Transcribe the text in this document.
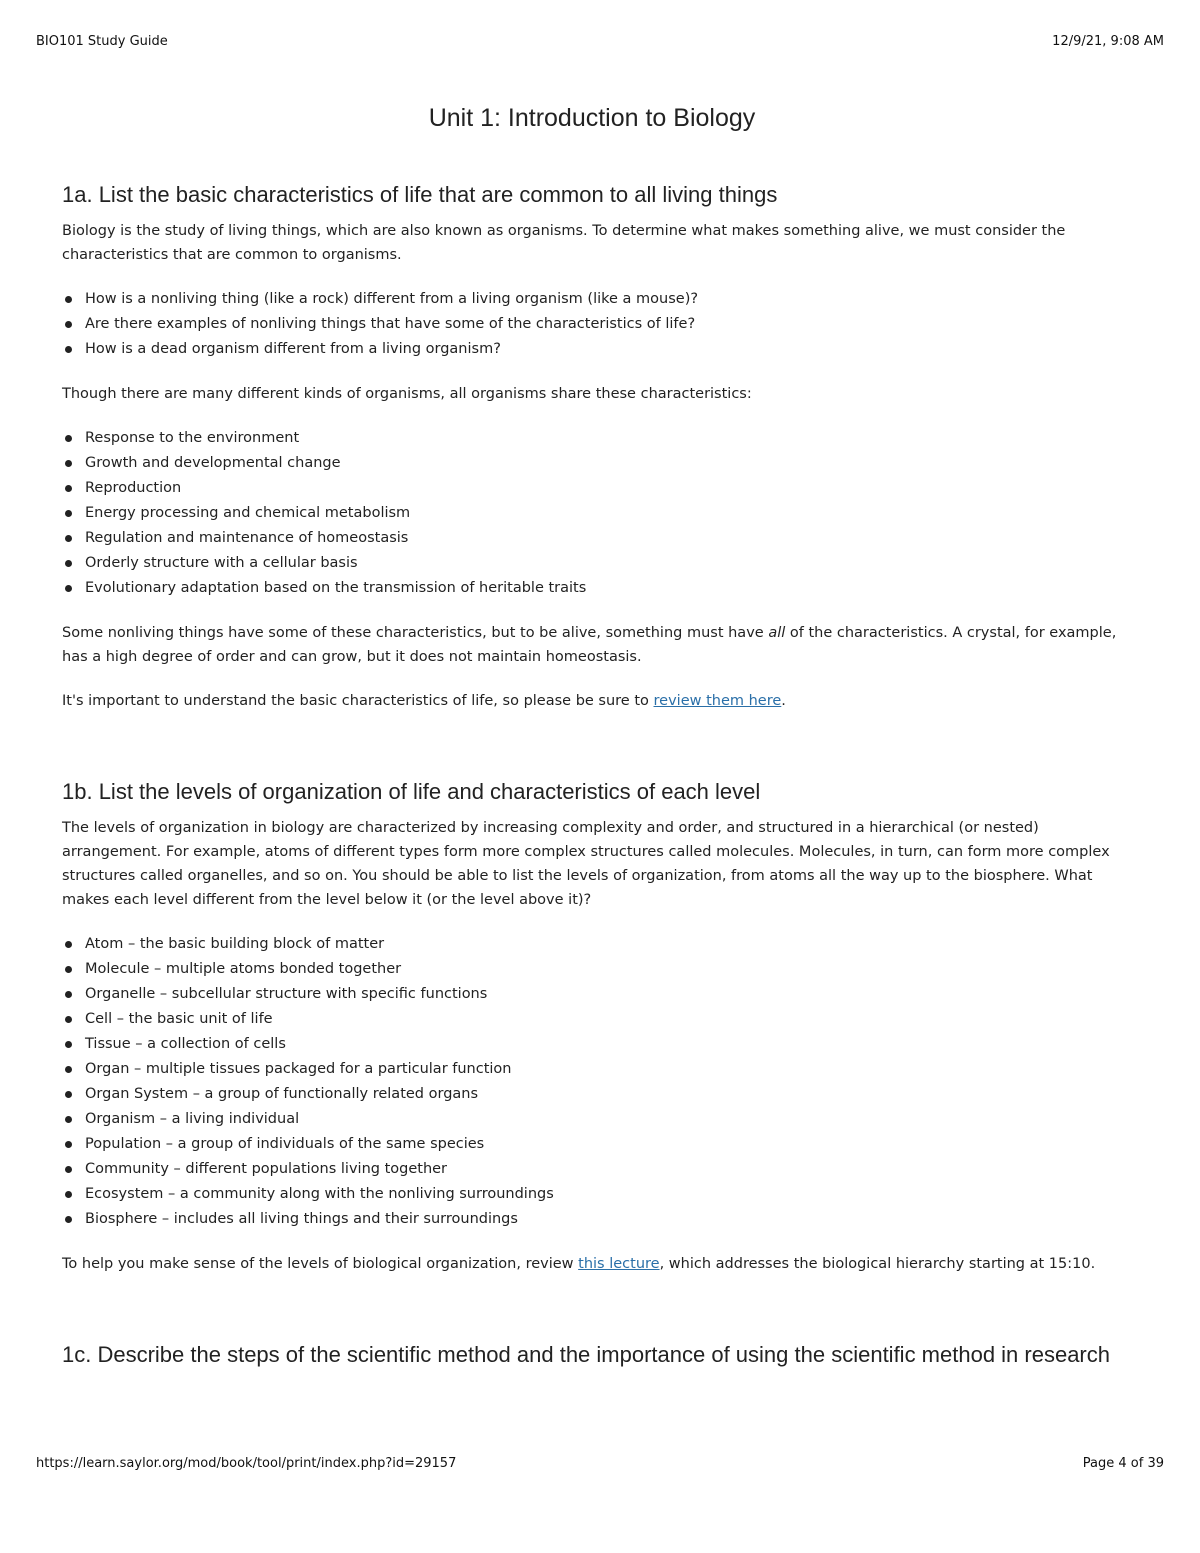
BIO101 Study Guide	12/9/21, 9:08 AM
Unit 1: Introduction to Biology
1a. List the basic characteristics of life that are common to all living things

Biology is the study of living things, which are also known as organisms. To determine what makes something alive, we must consider the characteristics that are common to organisms.

How is a nonliving thing (like a rock) different from a living organism (like a mouse)?
Are there examples of nonliving things that have some of the characteristics of life?
How is a dead organism different from a living organism?

Though there are many different kinds of organisms, all organisms share these characteristics:

Response to the environment
Growth and developmental change
Reproduction
Energy processing and chemical metabolism
Regulation and maintenance of homeostasis
Orderly structure with a cellular basis
Evolutionary adaptation based on the transmission of heritable traits

Some nonliving things have some of these characteristics, but to be alive, something must have all of the characteristics. A crystal, for example, has a high degree of order and can grow, but it does not maintain homeostasis.

It's important to understand the basic characteristics of life, so please be sure to review them here.

1b. List the levels of organization of life and characteristics of each level

The levels of organization in biology are characterized by increasing complexity and order, and structured in a hierarchical (or nested) arrangement. For example, atoms of different types form more complex structures called molecules. Molecules, in turn, can form more complex structures called organelles, and so on. You should be able to list the levels of organization, from atoms all the way up to the biosphere. What makes each level different from the level below it (or the level above it)?

Atom – the basic building block of matter
Molecule – multiple atoms bonded together
Organelle – subcellular structure with specific functions
Cell – the basic unit of life
Tissue – a collection of cells
Organ – multiple tissues packaged for a particular function
Organ System – a group of functionally related organs
Organism – a living individual
Population – a group of individuals of the same species
Community – different populations living together
Ecosystem – a community along with the nonliving surroundings
Biosphere – includes all living things and their surroundings

To help you make sense of the levels of biological organization, review this lecture, which addresses the biological hierarchy starting at 15:10.

1c. Describe the steps of the scientific method and the importance of using the scientific method in research
https://learn.saylor.org/mod/book/tool/print/index.php?id=29157	Page 4 of 39
